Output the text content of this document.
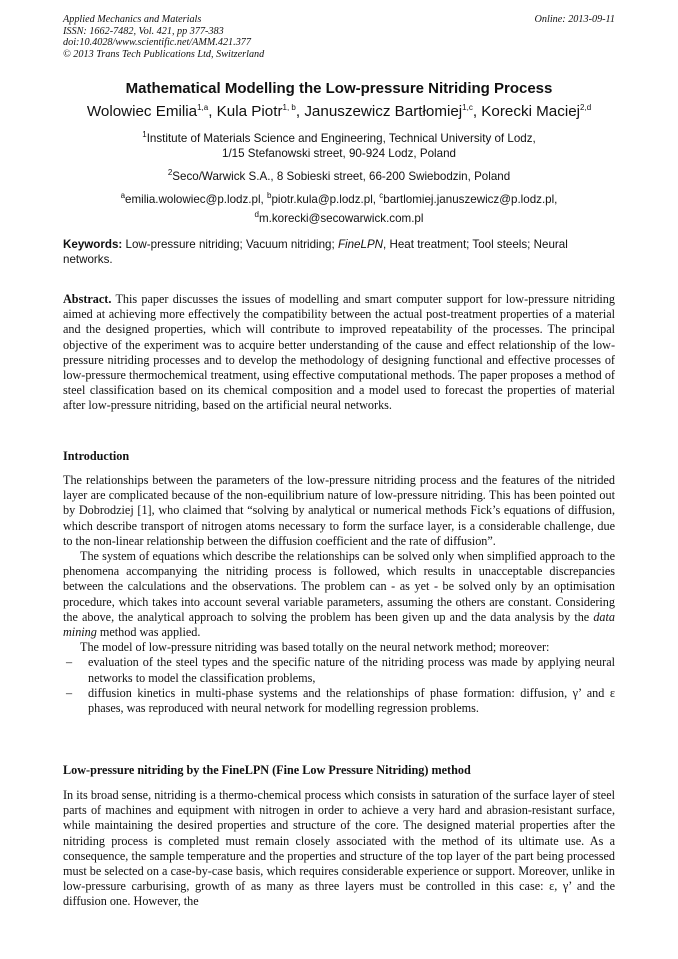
Applied Mechanics and Materials
ISSN: 1662-7482, Vol. 421, pp 377-383
doi:10.4028/www.scientific.net/AMM.421.377
© 2013 Trans Tech Publications Ltd, Switzerland
Online: 2013-09-11
Mathematical Modelling the Low-pressure Nitriding Process
Wolowiec Emilia$^{1,a}$, Kula Piotr$^{1, b}$, Januszewicz Bartłomiej$^{1,c}$, Korecki Maciej$^{2,d}$
$^1$Institute of Materials Science and Engineering, Technical University of Lodz,
1/15 Stefanowski street, 90-924 Lodz, Poland
$^2$Seco/Warwick S.A., 8 Sobieski street, 66-200 Swiebodzin, Poland
$^a$emilia.wolowiec@p.lodz.pl, $^b$piotr.kula@p.lodz.pl, $^c$bartlomiej.januszewicz@p.lodz.pl,
$^d$m.korecki@secowarwick.com.pl
Keywords: Low-pressure nitriding; Vacuum nitriding; FineLPN, Heat treatment; Tool steels; Neural networks.

Abstract. This paper discusses the issues of modelling and smart computer support for low-pressure nitriding aimed at achieving more effectively the compatibility between the actual post-treatment properties of a material and the designed properties, which will contribute to improved repeatability of the processes. The principal objective of the experiment was to acquire better understanding of the cause and effect relationship of the low-pressure nitriding processes and to develop the methodology of designing functional and effective processes of low-pressure thermochemical treatment, using effective computational methods. The paper proposes a method of steel classification based on its chemical composition and a model used to forecast the properties of material after low-pressure nitriding, based on the artificial neural networks.

Introduction

The relationships between the parameters of the low-pressure nitriding process and the features of the nitrided layer are complicated because of the non-equilibrium nature of low-pressure nitriding. This has been pointed out by Dobrodziej [1], who claimed that “solving by analytical or numerical methods Fick’s equations of diffusion, which describe transport of nitrogen atoms necessary to form the surface layer, is a considerable challenge, due to the non-linear relationship between the diffusion coefficient and the rate of diffusion”.

The system of equations which describe the relationships can be solved only when simplified approach to the phenomena accompanying the nitriding process is followed, which results in unacceptable discrepancies between the calculations and the observations. The problem can - as yet - be solved only by an optimisation procedure, which takes into account several variable parameters, assuming the others are constant. Considering the above, the analytical approach to solving the problem has been given up and the data analysis by the data mining method was applied.

The model of low-pressure nitriding was based totally on the neural network method; moreover:

– evaluation of the steel types and the specific nature of the nitriding process was made by applying neural networks to model the classification problems,
– diffusion kinetics in multi-phase systems and the relationships of phase formation: diffusion, γ’ and ε phases, was reproduced with neural network for modelling regression problems.
Low-pressure nitriding by the FineLPN (Fine Low Pressure Nitriding) method

In its broad sense, nitriding is a thermo-chemical process which consists in saturation of the surface layer of steel parts of machines and equipment with nitrogen in order to achieve a very hard and abrasion-resistant surface, while maintaining the desired properties and structure of the core. The designed material properties after the nitriding process is completed must remain closely associated with the method of its ultimate use. As a consequence, the sample temperature and the properties and structure of the top layer of the part being processed must be selected on a case-by-case basis, which requires considerable experience or support. Moreover, unlike in low-pressure carburising, growth of as many as three layers must be controlled in this case: ε, γ’ and the diffusion one. However, the
